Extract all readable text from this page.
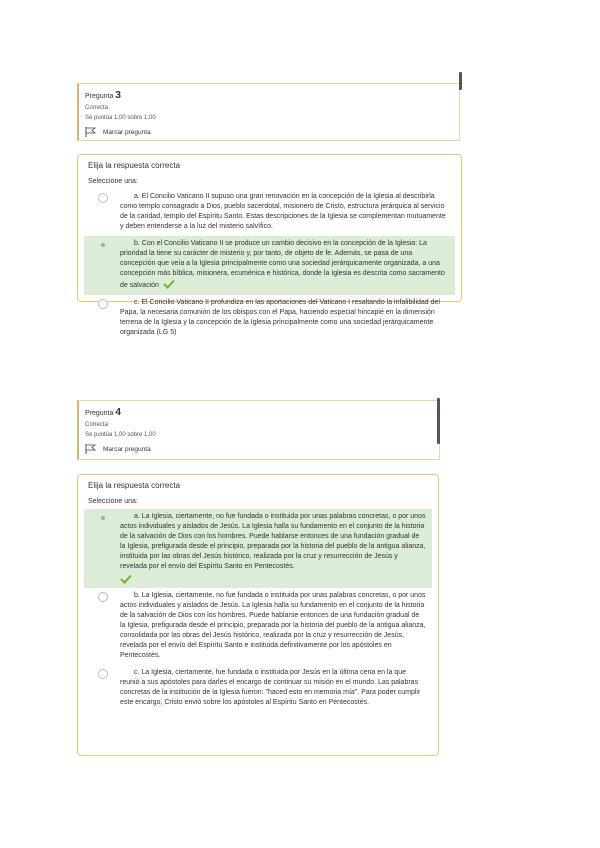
Pregunta 3
Correcta
Se puntúa 1,00 sobre 1,00
Marcar pregunta
Elija la respuesta correcta
Seleccione una:
a. El Concilio Vaticano II supuso una gran renovación en la concepción de la Iglesia al describirla como templo consagrado a Dios, pueblo sacerdotal, misionero de Cristo, estructura jerárquica al servicio de la caridad, templo del Espíritu Santo. Estas descripciones de la Iglesia se complementan mutuamente y deben entenderse a la luz del misterio salvífico.
b. Con el Concilio Vaticano II se produce un cambio decisivo en la concepción de la Iglesia: La prioridad la tiene su carácter de misterio y, por tanto, de objeto de fe. Además, se pasa de una concepción que veía a la Iglesia principalmente como una sociedad jerárquicamente organizada, a una concepción más bíblica, misionera, ecuménica e histórica, donde la Iglesia es descrita como sacramento de salvación
c. El Concilio Vaticano II profundiza en las aportaciones del Vaticano I resaltando la infalibilidad del Papa, la necesaria comunión de los obispos con el Papa, haciendo especial hincapié en la dimensión terrena de la Iglesia y la concepción de la Iglesia principalmente como una sociedad jerárquicamente organizada (LG 5)
Pregunta 4
Correcta
Se puntúa 1,00 sobre 1,00
Marcar pregunta
Elija la respuesta correcta
Seleccione una:
a. La Iglesia, ciertamente, no fue fundada o instituida por unas palabras concretas, o por unos actos individuales y aislados de Jesús. La Iglesia halla su fundamento en el conjunto de la historia de la salvación de Dios con los hombres. Puede hablarse entonces de una fundación gradual de la Iglesia, prefigurada desde el principio, preparada por la historia del pueblo de la antigua alianza, instituida por las obras del Jesús histórico, realizada por la cruz y resurrección de Jesús y revelada por el envío del Espíritu Santo en Pentecostés.
b. La Iglesia, ciertamente, no fue fundada o instituida por unas palabras concretas, o por unos actos individuales y aislados de Jesús. La Iglesia halla su fundamento en el conjunto de la historia de la salvación de Dios con los hombres. Puede hablarse entonces de una fundación gradual de la Iglesia, prefigurada desde el principio, preparada por la historia del pueblo de la antigua alianza, consolidada por las obras del Jesús histórico, realizada por la cruz y resurrección de Jesús, revelada por el envío del Espíritu Santo e instituida definitivamente por los apóstoles en Pentecostés.
c. La Iglesia, ciertamente, fue fundada o instituida por Jesús en la última cena en la que reunió a sus apóstoles para darles el encargo de continuar su misión en el mundo. Las palabras concretas de la institución de la Iglesia fueron: "haced esto en memoria mía". Para poder cumplir este encargo, Cristo envió sobre los apóstoles al Espíritu Santo en Pentecostés.
